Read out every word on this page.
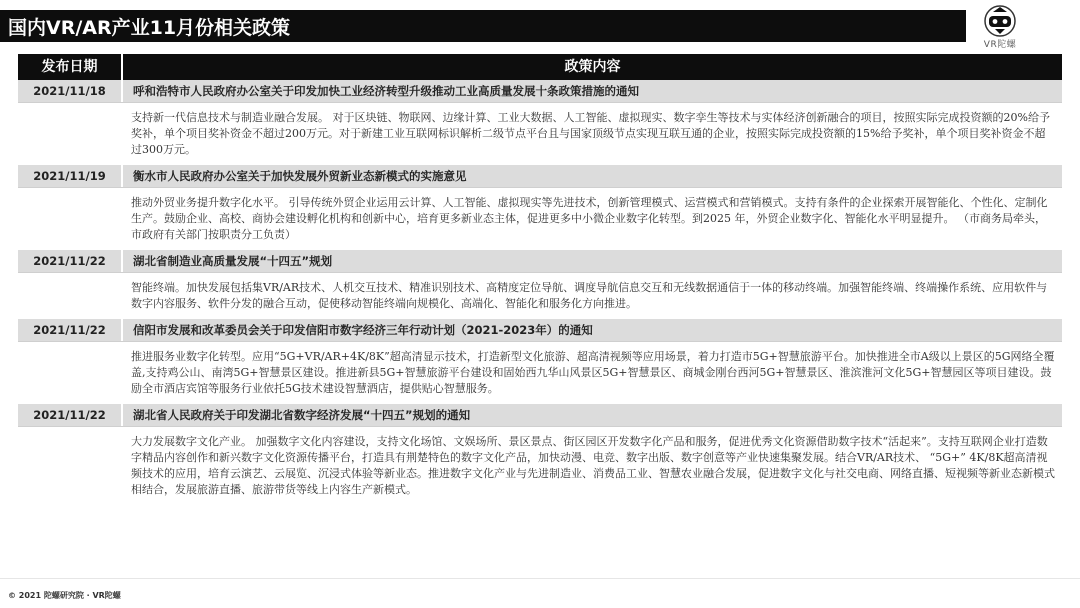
国内VR/AR产业11月份相关政策
VR陀螺
发布日期	政策内容
2021/11/18	呼和浩特市人民政府办公室关于印发加快工业经济转型升级推动工业高质量发展十条政策措施的通知
支持新一代信息技术与制造业融合发展。 对于区块链、物联网、边缘计算、工业大数据、人工智能、虚拟现实、数字孪生等技术与实体经济创新融合的项目，按照实际完成投资额的20%给予奖补，单个项目奖补资金不超过200万元。对于新建工业互联网标识解析二级节点平台且与国家顶级节点实现互联互通的企业，按照实际完成投资额的15%给予奖补，单个项目奖补资金不超过300万元。
2021/11/19	衡水市人民政府办公室关于加快发展外贸新业态新模式的实施意见
推动外贸业务提升数字化水平。 引导传统外贸企业运用云计算、人工智能、虚拟现实等先进技术，创新管理模式、运营模式和营销模式。支持有条件的企业探索开展智能化、个性化、定制化生产。鼓励企业、高校、商协会建设孵化机构和创新中心，培育更多新业态主体，促进更多中小微企业数字化转型。到2025 年，外贸企业数字化、智能化水平明显提升。 （市商务局牵头，市政府有关部门按职责分工负责）
2021/11/22	湖北省制造业高质量发展“十四五”规划
智能终端。加快发展包括集VR/AR技术、人机交互技术、精准识别技术、高精度定位导航、调度导航信息交互和无线数据通信于一体的移动终端。加强智能终端、终端操作系统、应用软件与数字内容服务、软件分发的融合互动，促使移动智能终端向规模化、高端化、智能化和服务化方向推进。
2021/11/22	信阳市发展和改革委员会关于印发信阳市数字经济三年行动计划（2021-2023年）的通知
推进服务业数字化转型。应用“5G+VR/AR+4K/8K”超高清显示技术，打造新型文化旅游、超高清视频等应用场景，着力打造市5G+智慧旅游平台。加快推进全市A级以上景区的5G网络全覆盖,支持鸡公山、南湾5G+智慧景区建设。推进新县5G+智慧旅游平台建设和固始西九华山风景区5G+智慧景区、商城金刚台西河5G+智慧景区、淮滨淮河文化5G+智慧园区等项目建设。鼓励全市酒店宾馆等服务行业依托5G技术建设智慧酒店，提供贴心智慧服务。
2021/11/22	湖北省人民政府关于印发湖北省数字经济发展“十四五”规划的通知
大力发展数字文化产业。 加强数字文化内容建设，支持文化场馆、文娱场所、景区景点、街区园区开发数字化产品和服务，促进优秀文化资源借助数字技术“活起来”。支持互联网企业打造数字精品内容创作和新兴数字文化资源传播平台，打造具有荆楚特色的数字文化产品，加快动漫、电竞、数字出版、数字创意等产业快速集聚发展。结合VR/AR技术、 “5G+” 4K/8K超高清视频技术的应用，培育云演艺、云展览、沉浸式体验等新业态。推进数字文化产业与先进制造业、消费品工业、智慧农业融合发展，促进数字文化与社交电商、网络直播、短视频等新业态新模式相结合，发展旅游直播、旅游带货等线上内容生产新模式。
© 2021 陀螺研究院 · VR陀螺
